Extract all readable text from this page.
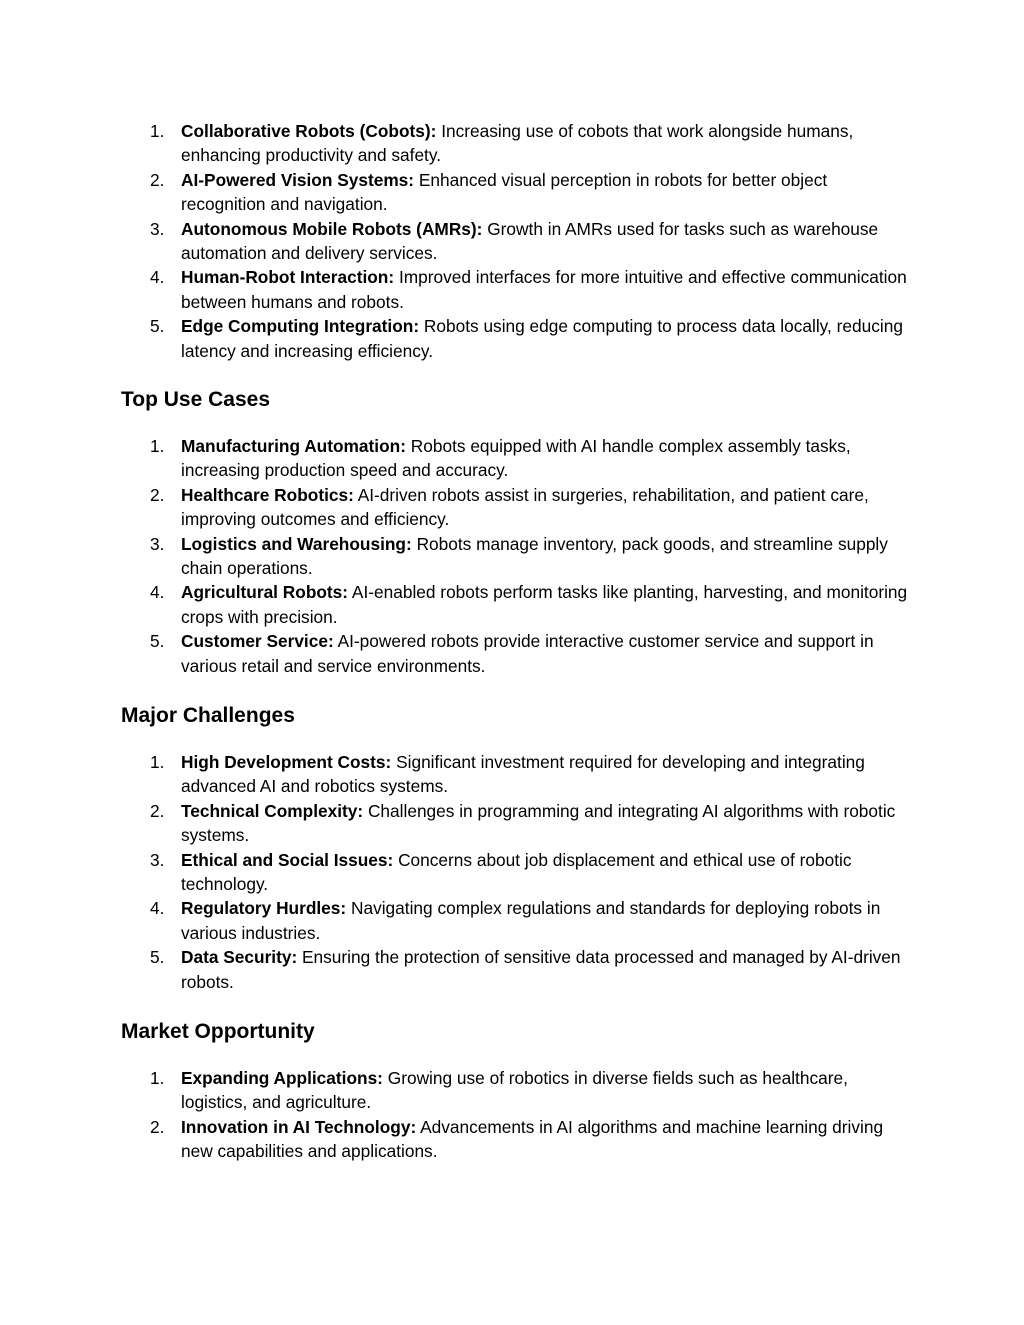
1. Collaborative Robots (Cobots): Increasing use of cobots that work alongside humans, enhancing productivity and safety.
2. AI-Powered Vision Systems: Enhanced visual perception in robots for better object recognition and navigation.
3. Autonomous Mobile Robots (AMRs): Growth in AMRs used for tasks such as warehouse automation and delivery services.
4. Human-Robot Interaction: Improved interfaces for more intuitive and effective communication between humans and robots.
5. Edge Computing Integration: Robots using edge computing to process data locally, reducing latency and increasing efficiency.
Top Use Cases
1. Manufacturing Automation: Robots equipped with AI handle complex assembly tasks, increasing production speed and accuracy.
2. Healthcare Robotics: AI-driven robots assist in surgeries, rehabilitation, and patient care, improving outcomes and efficiency.
3. Logistics and Warehousing: Robots manage inventory, pack goods, and streamline supply chain operations.
4. Agricultural Robots: AI-enabled robots perform tasks like planting, harvesting, and monitoring crops with precision.
5. Customer Service: AI-powered robots provide interactive customer service and support in various retail and service environments.
Major Challenges
1. High Development Costs: Significant investment required for developing and integrating advanced AI and robotics systems.
2. Technical Complexity: Challenges in programming and integrating AI algorithms with robotic systems.
3. Ethical and Social Issues: Concerns about job displacement and ethical use of robotic technology.
4. Regulatory Hurdles: Navigating complex regulations and standards for deploying robots in various industries.
5. Data Security: Ensuring the protection of sensitive data processed and managed by AI-driven robots.
Market Opportunity
1. Expanding Applications: Growing use of robotics in diverse fields such as healthcare, logistics, and agriculture.
2. Innovation in AI Technology: Advancements in AI algorithms and machine learning driving new capabilities and applications.
